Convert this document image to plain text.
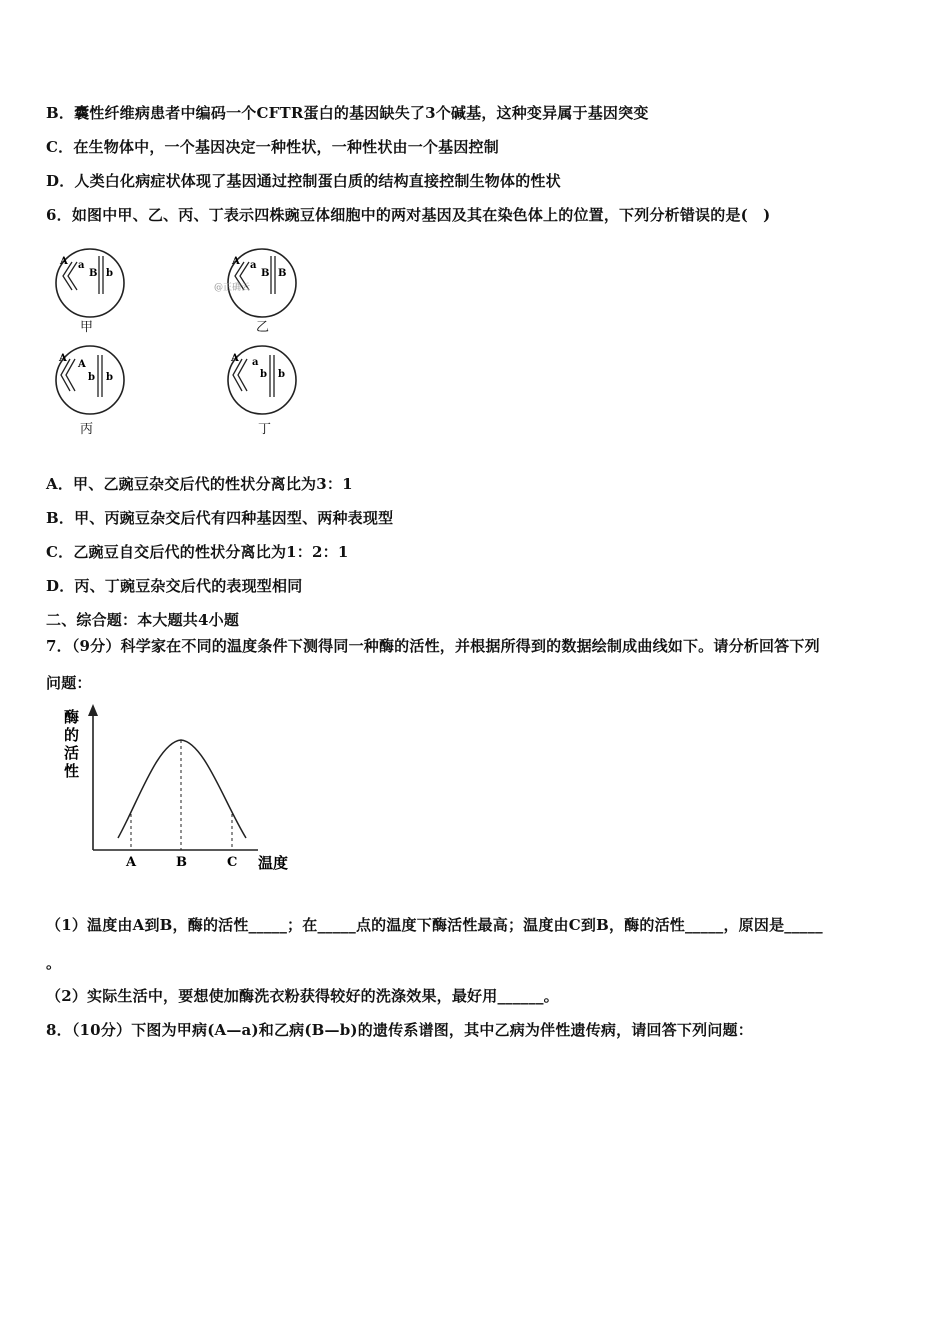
B．囊性纤维病患者中编码一个CFTR蛋白的基因缺失了3个碱基，这种变异属于基因突变
C．在生物体中，一个基因决定一种性状，一种性状由一个基因控制
D．人类白化病症状体现了基因通过控制蛋白质的结构直接控制生物体的性状
6．如图中甲、乙、丙、丁表示四株豌豆体细胞中的两对基因及其在染色体上的位置，下列分析错误的是(　)
A a
B b
甲
A a
B B
@正确云
乙
A
A
b b
丙
A a
b b
丁
A．甲、乙豌豆杂交后代的性状分离比为3：1
B．甲、丙豌豆杂交后代有四种基因型、两种表现型
C．乙豌豆自交后代的性状分离比为1：2：1
D．丙、丁豌豆杂交后代的表现型相同
二、综合题：本大题共4小题
7．（9分）科学家在不同的温度条件下测得同一种酶的活性，并根据所得到的数据绘制成曲线如下。请分析回答下列
问题：
酶
的
活
性
A	B	C 温度
（1）温度由A到B，酶的活性_____；在_____点的温度下酶活性最高；温度由C到B，酶的活性_____，原因是_____
。
（2）实际生活中，要想使加酶洗衣粉获得较好的洗涤效果，最好用______。
8．（10分）下图为甲病(A—a)和乙病(B—b)的遗传系谱图，其中乙病为伴性遗传病，请回答下列问题：
